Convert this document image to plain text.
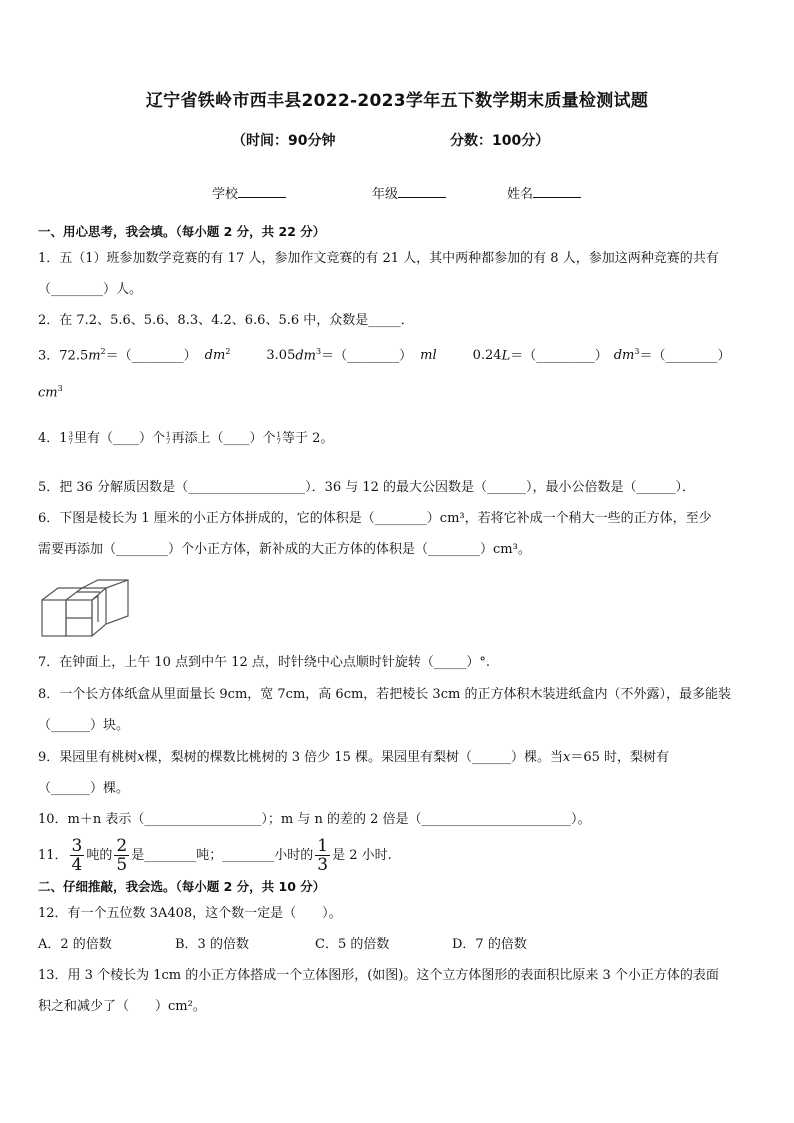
辽宁省铁岭市西丰县2022-2023学年五下数学期末质量检测试题
（时间：90分钟	分数：100分）
学校	年级	姓名
一、用心思考，我会填。（每小题 2 分，共 22 分）
1．五（1）班参加数学竞赛的有 17 人，参加作文竞赛的有 21 人，其中两种都参加的有 8 人，参加这两种竞赛的共有
（________）人。
2．在 7.2、5.6、5.6、8.3、4.2、6.6、5.6 中，众数是_____．
3．$72.5m^2=(\_\_\_\_\_\_\_\_)$ $dm^2$	$3.05dm^3=(\_\_\_\_\_\_\_\_)$ ml	0.24L＝（_________） $dm^3=(\_\_\_\_\_\_\_\_)$
$cm^3$
4．1 3
7 里有（____）个 1
7 再添上（____）个 1
7 等于 2。
5．把 36 分解质因数是（__________________）．36 与 12 的最大公因数是（______），最小公倍数是（______）．
6．下图是棱长为 1 厘米的小正方体拼成的，它的体积是（________）cm³，若将它补成一个稍大一些的正方体，至少
需要再添加（________）个小正方体，新补成的大正方体的体积是（________）cm³。
7．在钟面上，上午 10 点到中午 12 点，时针绕中心点顺时针旋转（_____）°.
8．一个长方体纸盒从里面量长 9cm，宽 7cm，高 6cm，若把棱长 3cm 的正方体积木装进纸盒内（不外露），最多能装
（______）块。
9．果园里有桃树x棵，梨树的棵数比桃树的 3 倍少 15 棵。果园里有梨树（______）棵。当x＝65 时，梨树有
（______）棵。
10．m＋n 表示（__________________）；m 与 n 的差的 2 倍是（_______________________）。
11． $\frac{3}{4}$ 吨的 $\frac{2}{5}$ 是________吨；________小时的 $\frac{1}{3}$ 是 2 小时.
二、仔细推敲，我会选。（每小题 2 分，共 10 分）
12．有一个五位数 3A408，这个数一定是（　　）。
A．2 的倍数	B．3 的倍数	C．5 的倍数	D．7 的倍数
13．用 3 个棱长为 1cm 的小正方体搭成一个立体图形，(如图)。这个立方体图形的表面积比原来 3 个小正方体的表面
积之和减少了（　　）cm²。
